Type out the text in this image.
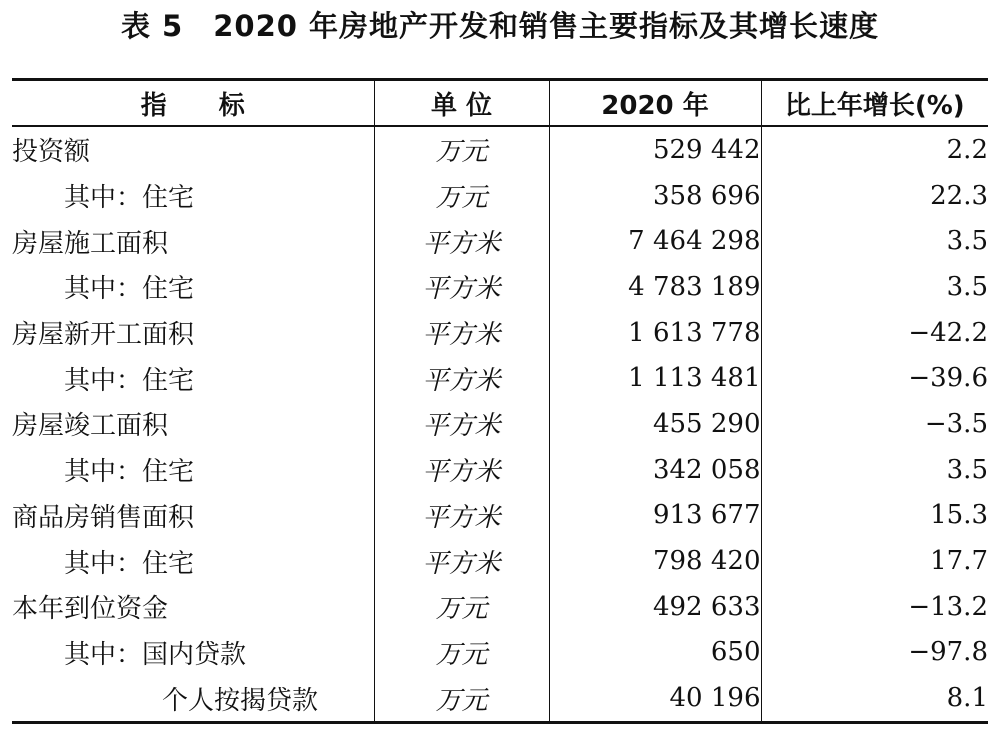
表 5　2020 年房地产开发和销售主要指标及其增长速度
指　　标	单 位	2020 年	比上年增长(%)
投资额	万元	529 442	2.2
其中：住宅	万元	358 696	22.3
房屋施工面积	平方米	7 464 298	3.5
其中：住宅	平方米	4 783 189	3.5
房屋新开工面积	平方米	1 613 778	−42.2
其中：住宅	平方米	1 113 481	−39.6
房屋竣工面积	平方米	455 290	−3.5
其中：住宅	平方米	342 058	3.5
商品房销售面积	平方米	913 677	15.3
其中：住宅	平方米	798 420	17.7
本年到位资金	万元	492 633	−13.2
其中：国内贷款	万元	650	−97.8
个人按揭贷款	万元	40 196	8.1
